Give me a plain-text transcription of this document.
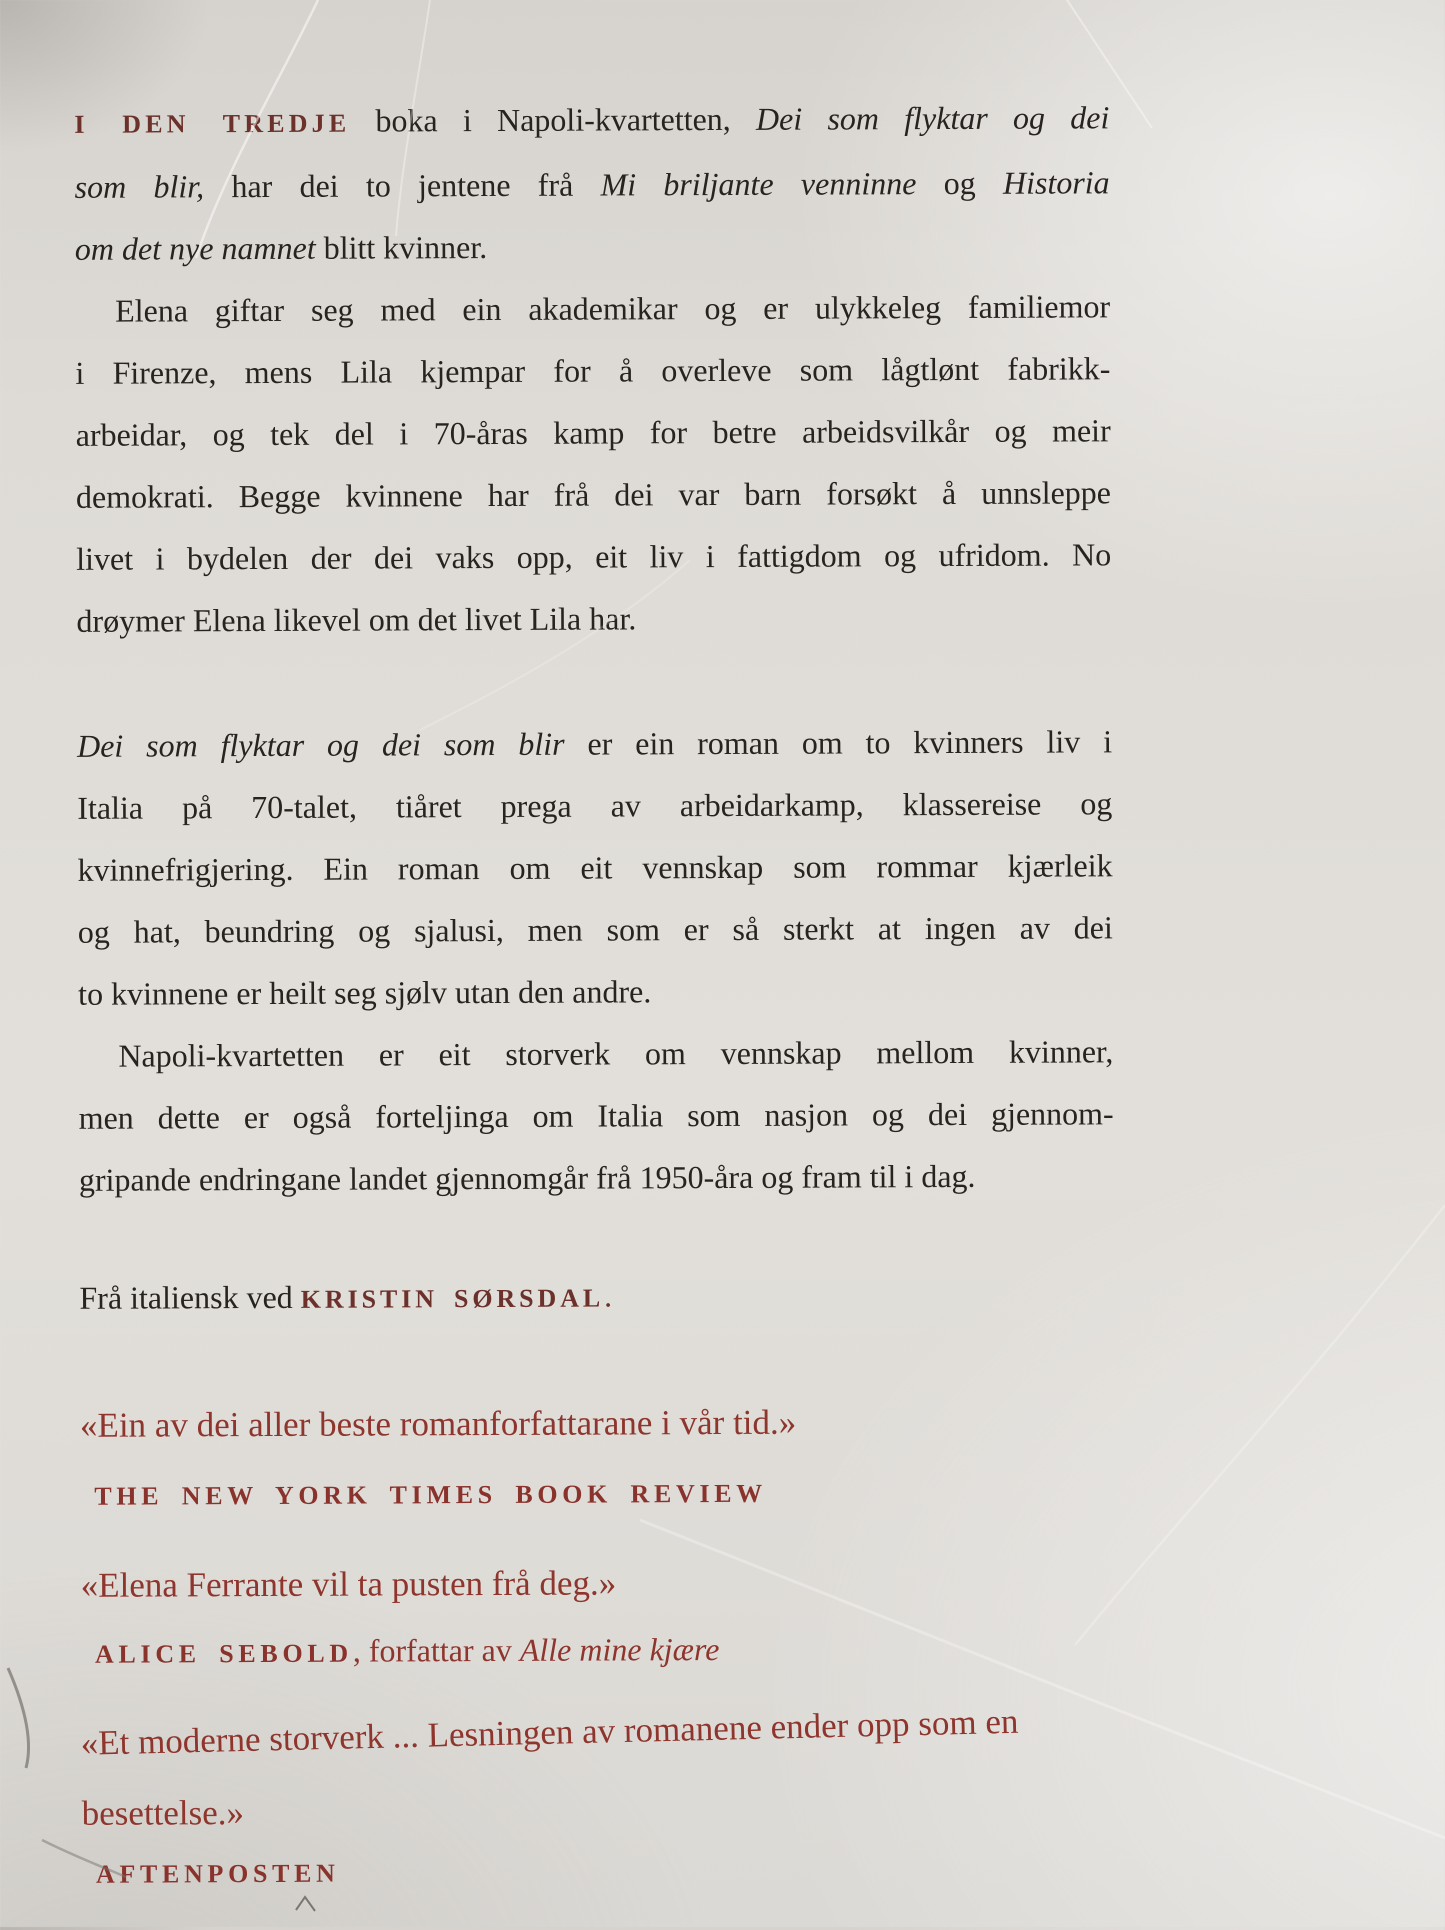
I DEN TREDJE boka i Napoli-kvartetten, Dei som flyktar og dei
som blir, har dei to jentene frå Mi briljante venninne og Historia
om det nye namnet blitt kvinner.
Elena giftar seg med ein akademikar og er ulykkeleg familiemor
i Firenze, mens Lila kjempar for å overleve som lågtlønt fabrikk-
arbeidar, og tek del i 70-åras kamp for betre arbeidsvilkår og meir
demokrati. Begge kvinnene har frå dei var barn forsøkt å unnsleppe
livet i bydelen der dei vaks opp, eit liv i fattigdom og ufridom. No
drøymer Elena likevel om det livet Lila har.
Dei som flyktar og dei som blir er ein roman om to kvinners liv i
Italia på 70-talet, tiåret prega av arbeidarkamp, klassereise og
kvinnefrigjering. Ein roman om eit vennskap som rommar kjærleik
og hat, beundring og sjalusi, men som er så sterkt at ingen av dei
to kvinnene er heilt seg sjølv utan den andre.
Napoli-kvartetten er eit storverk om vennskap mellom kvinner,
men dette er også forteljinga om Italia som nasjon og dei gjennom-
gripande endringane landet gjennomgår frå 1950-åra og fram til i dag.
Frå italiensk ved KRISTIN SØRSDAL.
«Ein av dei aller beste romanforfattarane i vår tid.»
THE NEW YORK TIMES BOOK REVIEW
«Elena Ferrante vil ta pusten frå deg.»
ALICE SEBOLD, forfattar av Alle mine kjære
«Et moderne storverk ... Lesningen av romanene ender opp som en
besettelse.»
AFTENPOSTEN
